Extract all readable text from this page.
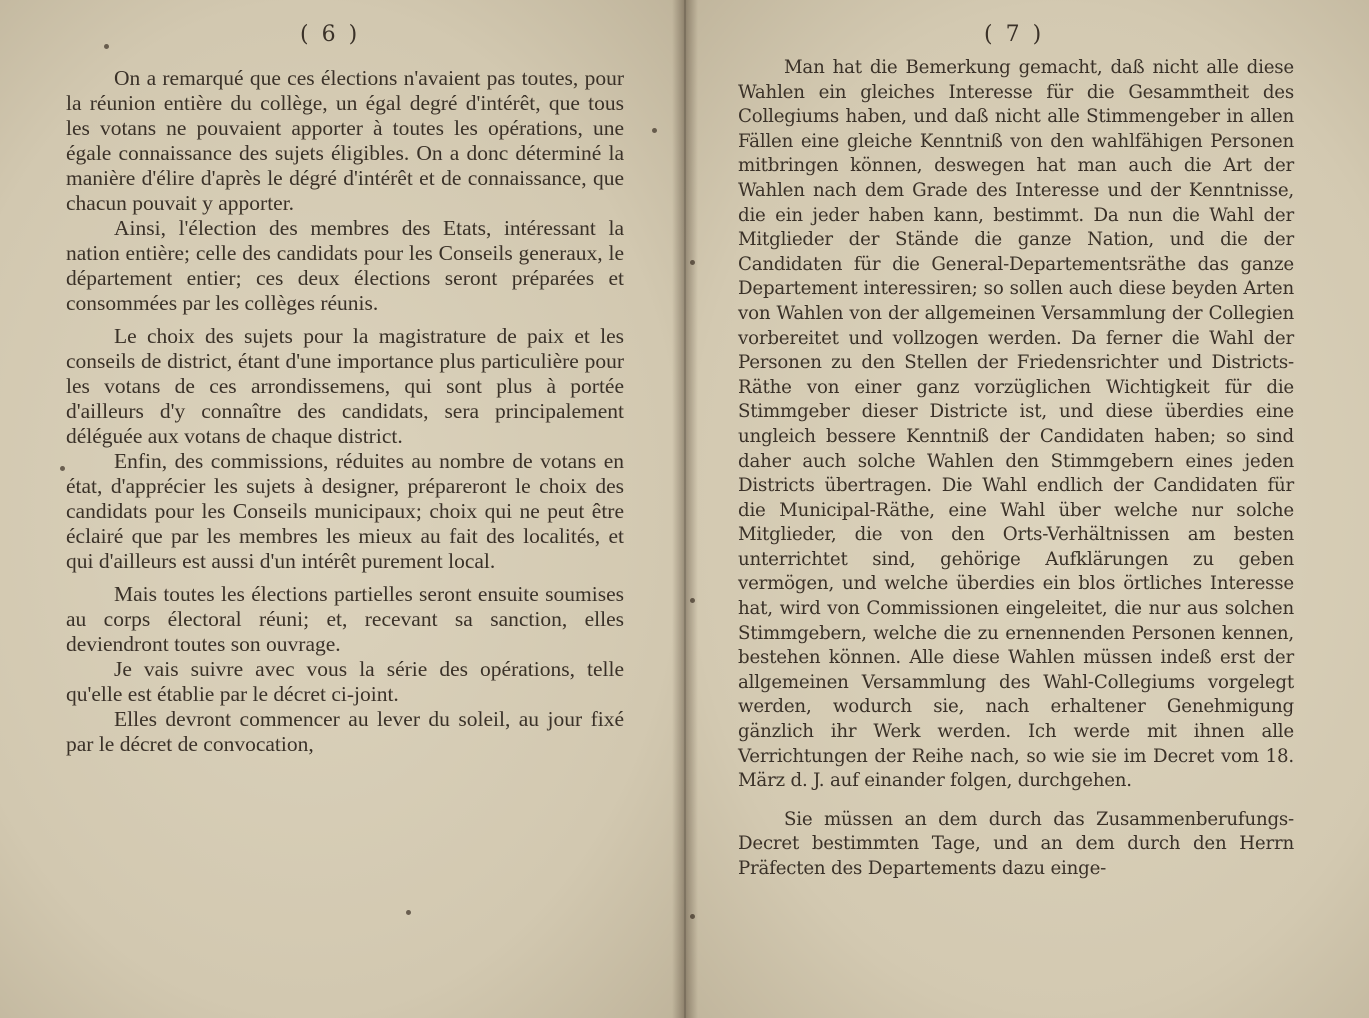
( 6 )

On a remarqué que ces élections n'avaient pas toutes, pour la réunion entière du collège, un égal degré d'intérêt, que tous les votans ne pouvaient apporter à toutes les opérations, une égale connaissance des sujets éligibles. On a donc déterminé la manière d'élire d'après le dégré d'intérêt et de connaissance, que chacun pouvait y apporter.

Ainsi, l'élection des membres des Etats, intéressant la nation entière; celle des candidats pour les Conseils generaux, le département entier; ces deux élections seront préparées et consommées par les collèges réunis.

Le choix des sujets pour la magistrature de paix et les conseils de district, étant d'une importance plus particulière pour les votans de ces arrondissemens, qui sont plus à portée d'ailleurs d'y connaître des candidats, sera principalement déléguée aux votans de chaque district.

Enfin, des commissions, réduites au nombre de votans en état, d'apprécier les sujets à designer, prépareront le choix des candidats pour les Conseils municipaux; choix qui ne peut être éclairé que par les membres les mieux au fait des localités, et qui d'ailleurs est aussi d'un intérêt purement local.

Mais toutes les élections partielles seront ensuite soumises au corps électoral réuni; et, recevant sa sanction, elles deviendront toutes son ouvrage.

Je vais suivre avec vous la série des opérations, telle qu'elle est établie par le décret ci-joint.

Elles devront commencer au lever du soleil, au jour fixé par le décret de convocation,

( 7 )

Man hat die Bemerkung gemacht, daß nicht alle diese Wahlen ein gleiches Interesse für die Gesammtheit des Collegiums haben, und daß nicht alle Stimmengeber in allen Fällen eine gleiche Kenntniß von den wahlfähigen Personen mitbringen können, deswegen hat man auch die Art der Wahlen nach dem Grade des Interesse und der Kenntnisse, die ein jeder haben kann, bestimmt. Da nun die Wahl der Mitglieder der Stände die ganze Nation, und die der Candidaten für die General-Departementsräthe das ganze Departement interessiren; so sollen auch diese beyden Arten von Wahlen von der allgemeinen Versammlung der Collegien vorbereitet und vollzogen werden. Da ferner die Wahl der Personen zu den Stellen der Friedensrichter und Districts-Räthe von einer ganz vorzüglichen Wichtigkeit für die Stimmgeber dieser Districte ist, und diese überdies eine ungleich bessere Kenntniß der Candidaten haben; so sind daher auch solche Wahlen den Stimmgebern eines jeden Districts übertragen. Die Wahl endlich der Candidaten für die Municipal-Räthe, eine Wahl über welche nur solche Mitglieder, die von den Orts-Verhältnissen am besten unterrichtet sind, gehörige Aufklärungen zu geben vermögen, und welche überdies ein blos örtliches Interesse hat, wird von Commissionen eingeleitet, die nur aus solchen Stimmgebern, welche die zu ernennenden Personen kennen, bestehen können. Alle diese Wahlen müssen indeß erst der allgemeinen Versammlung des Wahl-Collegiums vorgelegt werden, wodurch sie, nach erhaltener Genehmigung gänzlich ihr Werk werden. Ich werde mit ihnen alle Verrichtungen der Reihe nach, so wie sie im Decret vom 18. März d. J. auf einander folgen, durchgehen.

Sie müssen an dem durch das Zusammenberufungs-Decret bestimmten Tage, und an dem durch den Herrn Präfecten des Departements dazu einge-
